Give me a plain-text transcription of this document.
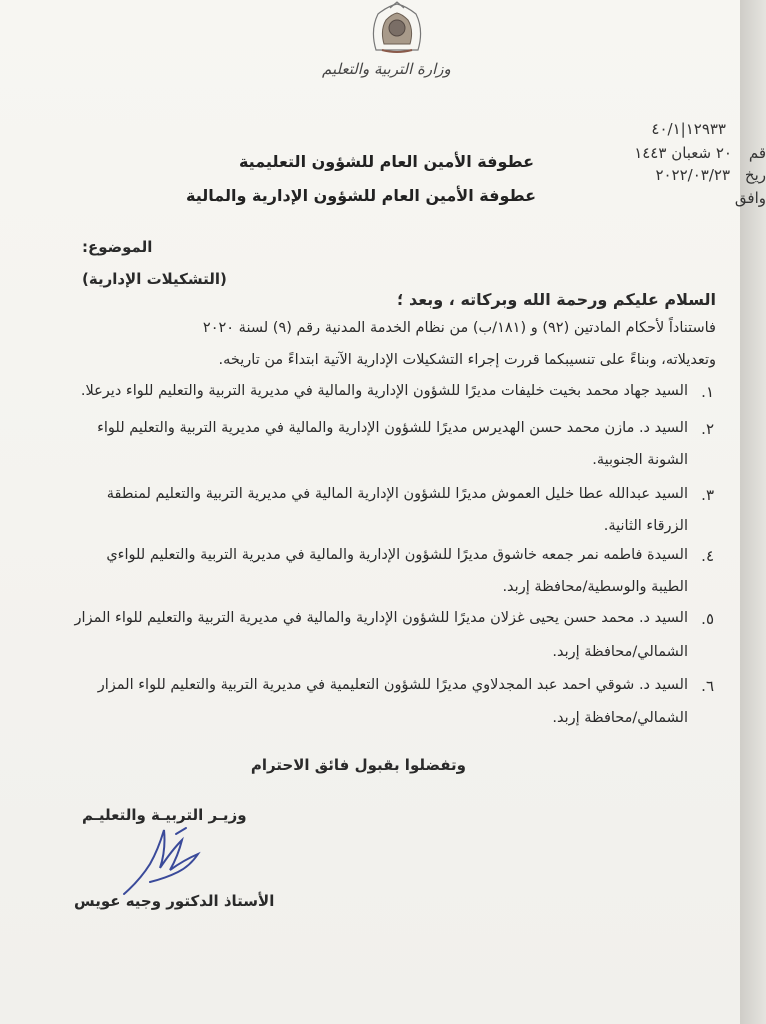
وزارة التربية والتعليم
١٢٩٣٣|٤٠/١
قم
٢٠ شعبان ١٤٤٣
ريخ
٢٠٢٢/٠٣/٢٣
وافق
عطوفة الأمين العام للشؤون التعليمية
عطوفة الأمين العام للشؤون الإدارية والمالية
الموضوع:
(التشكيلات الإدارية)
السلام عليكم ورحمة الله وبركاته ، وبعد ؛
فاستناداً لأحكام المادتين (٩٢) و (١٨١/ب) من نظام الخدمة المدنية رقم (٩) لسنة ٢٠٢٠
وتعديلاته، وبناءً على تنسيبكما قررت إجراء التشكيلات الإدارية الآتية ابتداءً من تاريخه.
١.
السيد جهاد محمد بخيت خليفات مديرًا للشؤون الإدارية والمالية في مديرية التربية والتعليم للواء ديرعلا.
٢.
السيد د. مازن محمد حسن الهديرس مديرًا للشؤون الإدارية والمالية في مديرية التربية والتعليم للواء
الشونة الجنوبية.
٣.
السيد عبدالله عطا خليل العموش مديرًا للشؤون الإدارية المالية في مديرية التربية والتعليم لمنطقة
الزرقاء الثانية.
٤.
السيدة فاطمه نمر جمعه خاشوق مديرًا للشؤون الإدارية والمالية في مديرية التربية والتعليم للواءي
الطيبة والوسطية/محافظة إربد.
٥.
السيد د. محمد حسن يحيى غزلان مديرًا للشؤون الإدارية والمالية في مديرية التربية والتعليم للواء المزار
الشمالي/محافظة إربد.
٦.
السيد د. شوقي احمد عبد المجدلاوي مديرًا للشؤون التعليمية في مديرية التربية والتعليم للواء المزار
الشمالي/محافظة إربد.
وتفضلوا بقبول فائق الاحترام
وزيـر التربيـة والتعليـم
الأستاذ الدكتور وجيه عويس
